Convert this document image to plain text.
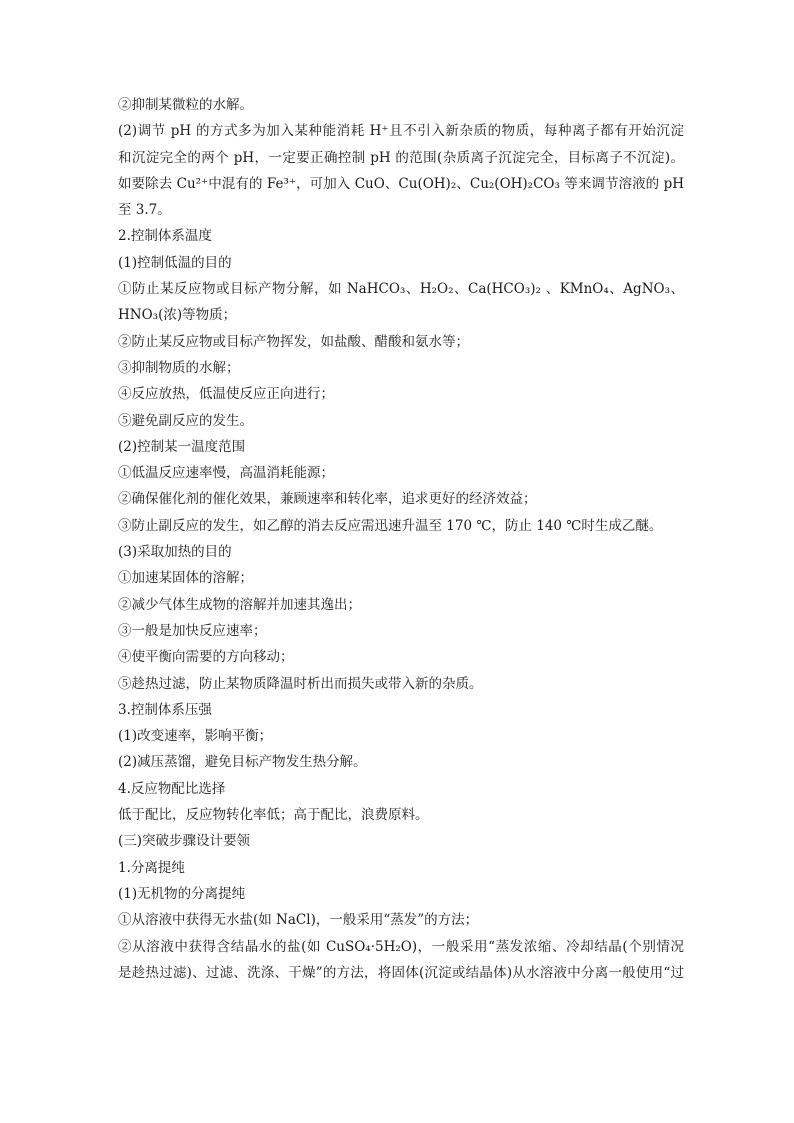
②抑制某微粒的水解。
(2)调节 pH 的方式多为加入某种能消耗 H⁺且不引入新杂质的物质，每种离子都有开始沉淀
和沉淀完全的两个 pH，一定要正确控制 pH 的范围(杂质离子沉淀完全，目标离子不沉淀)。
如要除去 Cu²⁺中混有的 Fe³⁺，可加入 CuO、Cu(OH)₂、Cu₂(OH)₂CO₃ 等来调节溶液的 pH
至 3.7。
2.控制体系温度
(1)控制低温的目的
①防止某反应物或目标产物分解，如 NaHCO₃、H₂O₂、Ca(HCO₃)₂ 、KMnO₄、AgNO₃、
HNO₃(浓)等物质；
②防止某反应物或目标产物挥发，如盐酸、醋酸和氨水等；
③抑制物质的水解；
④反应放热，低温使反应正向进行；
⑤避免副反应的发生。
(2)控制某一温度范围
①低温反应速率慢，高温消耗能源；
②确保催化剂的催化效果，兼顾速率和转化率，追求更好的经济效益；
③防止副反应的发生，如乙醇的消去反应需迅速升温至 170 ℃，防止 140 ℃时生成乙醚。
(3)采取加热的目的
①加速某固体的溶解；
②减少气体生成物的溶解并加速其逸出；
③一般是加快反应速率；
④使平衡向需要的方向移动；
⑤趁热过滤，防止某物质降温时析出而损失或带入新的杂质。
3.控制体系压强
(1)改变速率，影响平衡；
(2)减压蒸馏，避免目标产物发生热分解。
4.反应物配比选择
低于配比，反应物转化率低；高于配比，浪费原料。
(三)突破步骤设计要领
1.分离提纯
(1)无机物的分离提纯
①从溶液中获得无水盐(如 NaCl)，一般采用“蒸发”的方法；
②从溶液中获得含结晶水的盐(如 CuSO₄·5H₂O)，一般采用“蒸发浓缩、冷却结晶(个别情况
是趁热过滤)、过滤、洗涤、干燥”的方法，将固体(沉淀或结晶体)从水溶液中分离一般使用“过
